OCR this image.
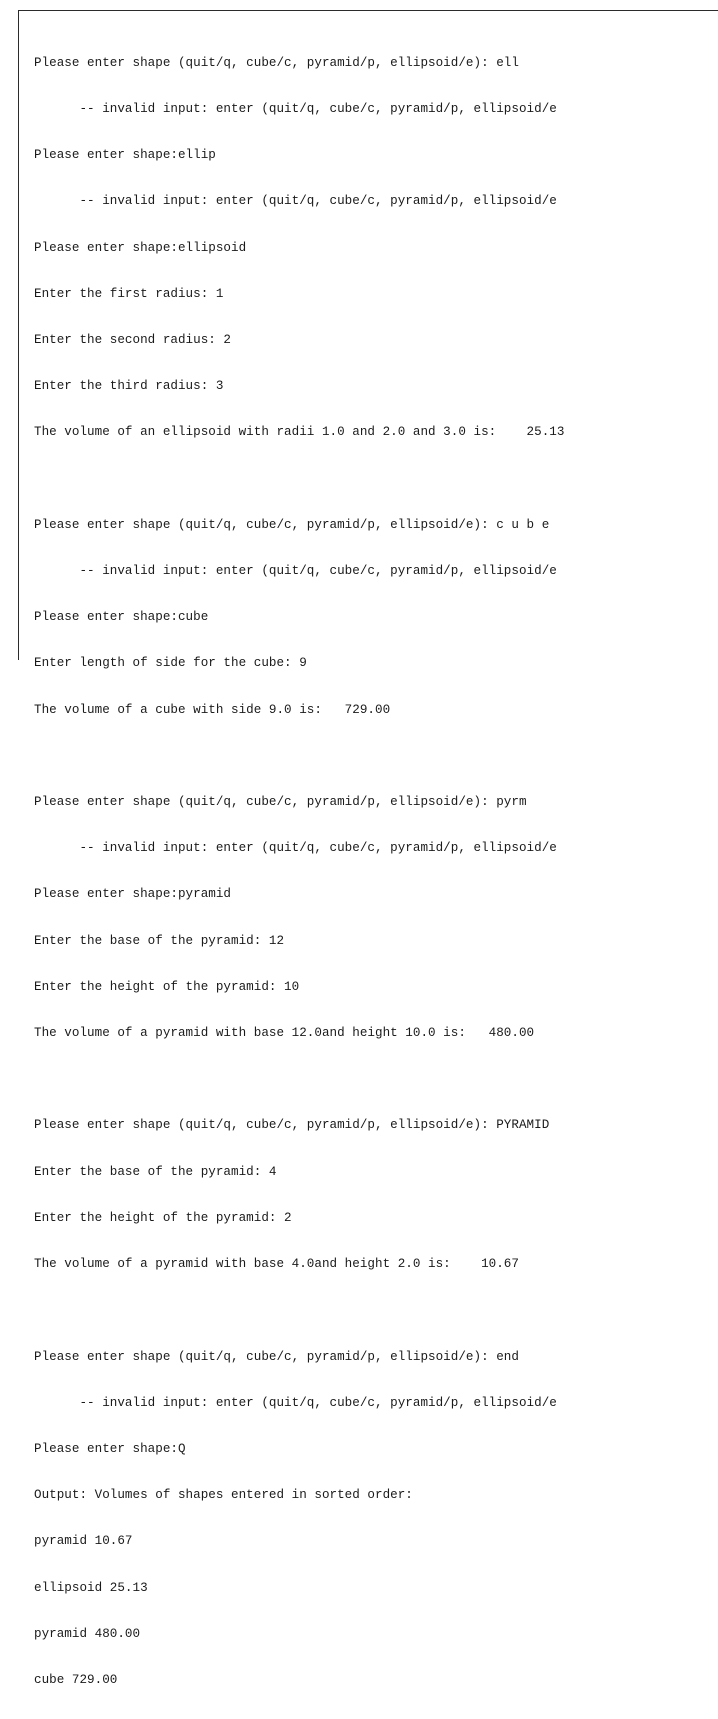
Please enter shape (quit/q, cube/c, pyramid/p, ellipsoid/e): ell

-- invalid input: enter (quit/q, cube/c, pyramid/p, ellipsoid/e

Please enter shape:ellip

-- invalid input: enter (quit/q, cube/c, pyramid/p, ellipsoid/e

Please enter shape:ellipsoid

Enter the first radius: 1

Enter the second radius: 2

Enter the third radius: 3

The volume of an ellipsoid with radii 1.0 and 2.0 and 3.0 is:    25.13

Please enter shape (quit/q, cube/c, pyramid/p, ellipsoid/e): c u b e

-- invalid input: enter (quit/q, cube/c, pyramid/p, ellipsoid/e

Please enter shape:cube

Enter length of side for the cube: 9

The volume of a cube with side 9.0 is:   729.00

Please enter shape (quit/q, cube/c, pyramid/p, ellipsoid/e): pyrm

-- invalid input: enter (quit/q, cube/c, pyramid/p, ellipsoid/e

Please enter shape:pyramid

Enter the base of the pyramid: 12

Enter the height of the pyramid: 10

The volume of a pyramid with base 12.0and height 10.0 is:   480.00

Please enter shape (quit/q, cube/c, pyramid/p, ellipsoid/e): PYRAMID

Enter the base of the pyramid: 4

Enter the height of the pyramid: 2

The volume of a pyramid with base 4.0and height 2.0 is:    10.67

Please enter shape (quit/q, cube/c, pyramid/p, ellipsoid/e): end

-- invalid input: enter (quit/q, cube/c, pyramid/p, ellipsoid/e

Please enter shape:Q

Output: Volumes of shapes entered in sorted order:

pyramid 10.67

ellipsoid 25.13

pyramid 480.00

cube 729.00
